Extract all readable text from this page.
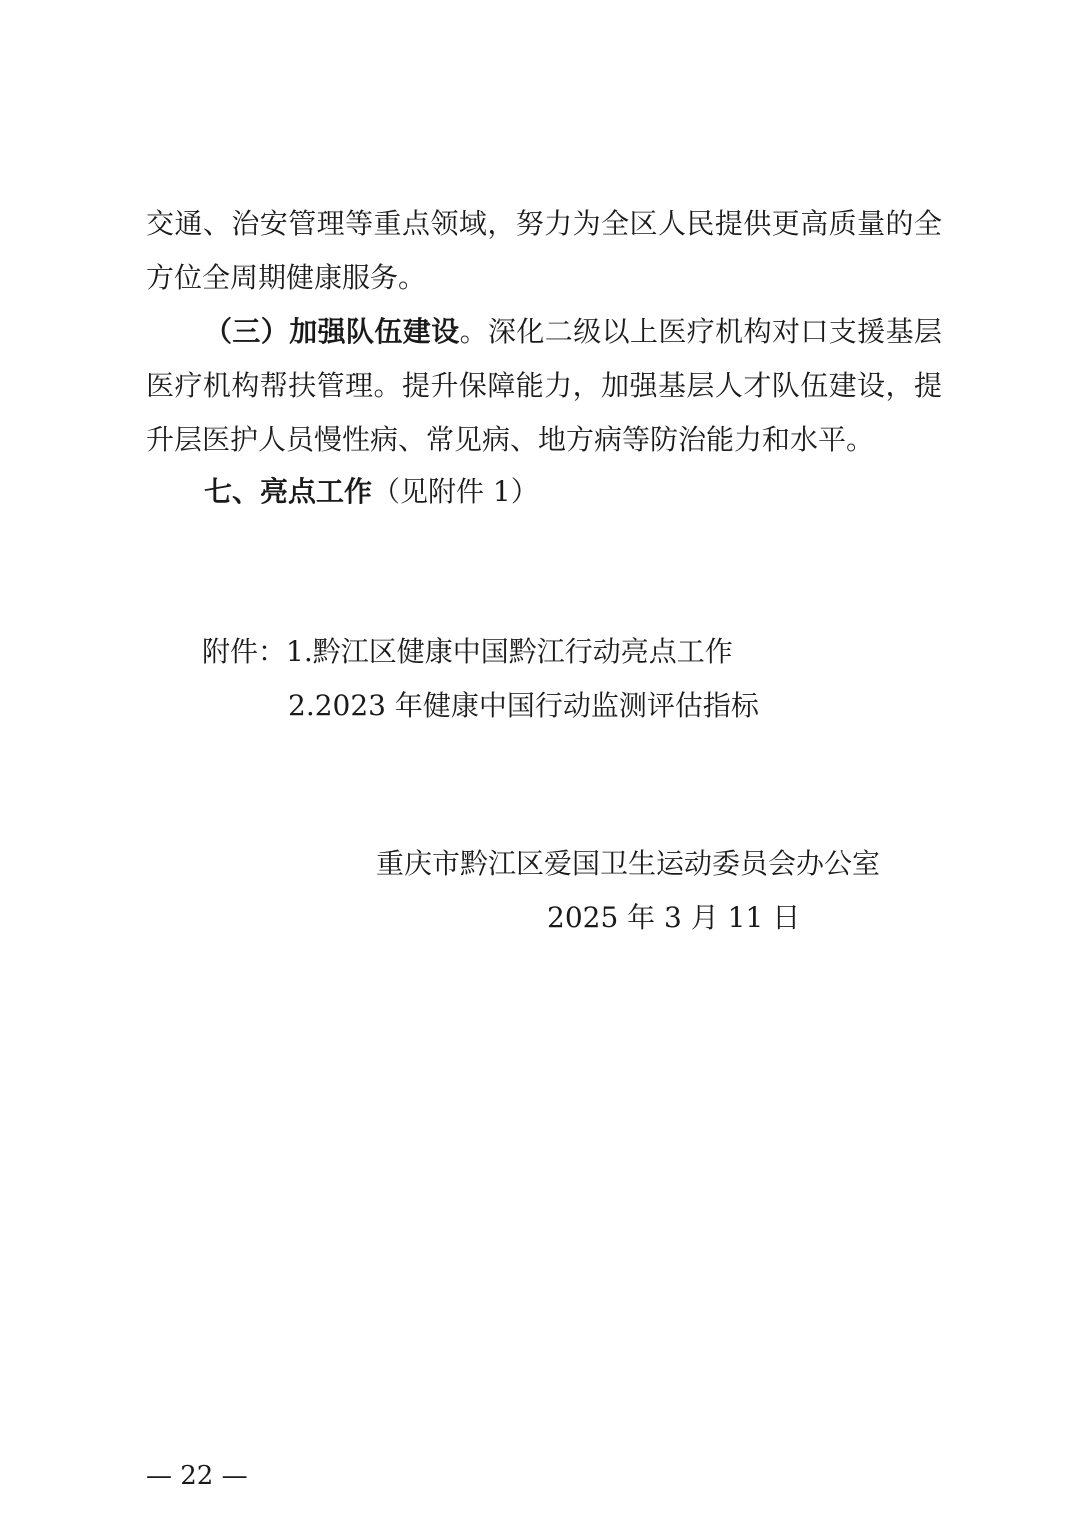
交通、治安管理等重点领域，努力为全区人民提供更高质量的全

方位全周期健康服务。

（三）加强队伍建设。深化二级以上医疗机构对口支援基层

医疗机构帮扶管理。提升保障能力，加强基层人才队伍建设，提

升层医护人员慢性病、常见病、地方病等防治能力和水平。

七、亮点工作（见附件 1）

附件：1.黔江区健康中国黔江行动亮点工作

2.2023 年健康中国行动监测评估指标

重庆市黔江区爱国卫生运动委员会办公室

2025 年 3 月 11 日

— 22 —
